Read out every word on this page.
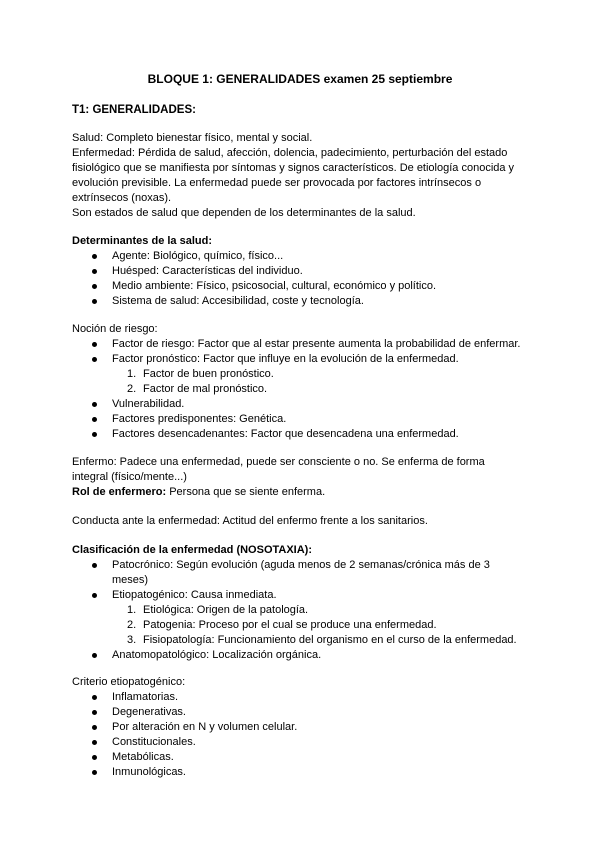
BLOQUE 1: GENERALIDADES examen 25 septiembre
T1: GENERALIDADES:

Salud: Completo bienestar físico, mental y social.

Enfermedad: Pérdida de salud, afección, dolencia, padecimiento, perturbación del estado

fisiológico que se manifiesta por síntomas y signos característicos. De etiología conocida y

evolución previsible. La enfermedad puede ser provocada por factores intrínsecos o

extrínsecos (noxas).

Son estados de salud que dependen de los determinantes de la salud.

Determinantes de la salud:

Agente: Biológico, químico, físico...
Huésped: Características del individuo.
Medio ambiente: Físico, psicosocial, cultural, económico y político.
Sistema de salud: Accesibilidad, coste y tecnología.

Noción de riesgo:

Factor de riesgo: Factor que al estar presente aumenta la probabilidad de enfermar.
Factor pronóstico: Factor que influye en la evolución de la enfermedad.
1. Factor de buen pronóstico.
2. Factor de mal pronóstico.
Vulnerabilidad.
Factores predisponentes: Genética.
Factores desencadenantes: Factor que desencadena una enfermedad.

Enfermo: Padece una enfermedad, puede ser consciente o no. Se enferma de forma

integral (físico/mente...)

Rol de enfermero: Persona que se siente enferma.

Conducta ante la enfermedad: Actitud del enfermo frente a los sanitarios.

Clasificación de la enfermedad (NOSOTAXIA):

Patocrónico: Según evolución (aguda menos de 2 semanas/crónica más de 3
meses)
Etiopatogénico: Causa inmediata.
1. Etiológica: Origen de la patología.
2. Patogenia: Proceso por el cual se produce una enfermedad.
3. Fisiopatología: Funcionamiento del organismo en el curso de la enfermedad.
Anatomopatológico: Localización orgánica.

Criterio etiopatogénico:

Inflamatorias.
Degenerativas.
Por alteración en N y volumen celular.
Constitucionales.
Metabólicas.
Inmunológicas.
